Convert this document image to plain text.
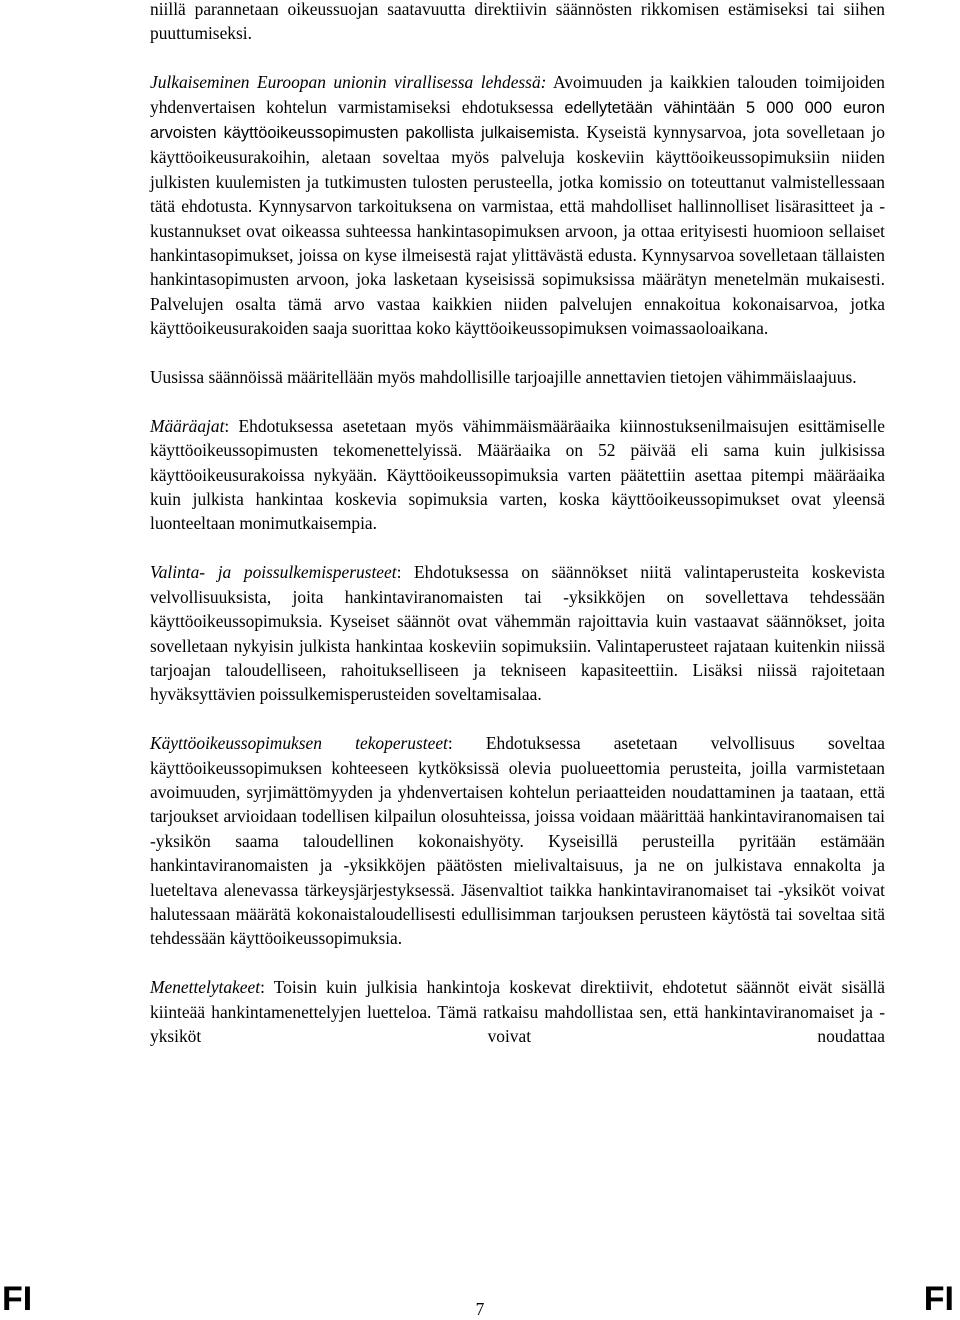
niillä parannetaan oikeussuojan saatavuutta direktiivin säännösten rikkomisen estämiseksi tai siihen puuttumiseksi.

Julkaiseminen Euroopan unionin virallisessa lehdessä: Avoimuuden ja kaikkien talouden toimijoiden yhdenvertaisen kohtelun varmistamiseksi ehdotuksessa edellytetään vähintään 5 000 000 euron arvoisten käyttöoikeussopimusten pakollista julkaisemista. Kyseistä kynnysarvoa, jota sovelletaan jo käyttöoikeusurakoihin, aletaan soveltaa myös palveluja koskeviin käyttöoikeussopimuksiin niiden julkisten kuulemisten ja tutkimusten tulosten perusteella, jotka komissio on toteuttanut valmistellessaan tätä ehdotusta. Kynnysarvon tarkoituksena on varmistaa, että mahdolliset hallinnolliset lisärasitteet ja -kustannukset ovat oikeassa suhteessa hankintasopimuksen arvoon, ja ottaa erityisesti huomioon sellaiset hankintasopimukset, joissa on kyse ilmeisestä rajat ylittävästä edusta. Kynnysarvoa sovelletaan tällaisten hankintasopimusten arvoon, joka lasketaan kyseisissä sopimuksissa määrätyn menetelmän mukaisesti. Palvelujen osalta tämä arvo vastaa kaikkien niiden palvelujen ennakoitua kokonaisarvoa, jotka käyttöoikeusurakoiden saaja suorittaa koko käyttöoikeussopimuksen voimassaoloaikana.

Uusissa säännöissä määritellään myös mahdollisille tarjoajille annettavien tietojen vähimmäislaajuus.

Määräajat: Ehdotuksessa asetetaan myös vähimmäismääräaika kiinnostuksenilmaisujen esittämiselle käyttöoikeussopimusten tekomenettelyissä. Määräaika on 52 päivää eli sama kuin julkisissa käyttöoikeusurakoissa nykyään. Käyttöoikeussopimuksia varten päätettiin asettaa pitempi määräaika kuin julkista hankintaa koskevia sopimuksia varten, koska käyttöoikeussopimukset ovat yleensä luonteeltaan monimutkaisempia.

Valinta- ja poissulkemisperusteet: Ehdotuksessa on säännökset niitä valintaperusteita koskevista velvollisuuksista, joita hankintaviranomaisten tai -yksikköjen on sovellettava tehdessään käyttöoikeussopimuksia. Kyseiset säännöt ovat vähemmän rajoittavia kuin vastaavat säännökset, joita sovelletaan nykyisin julkista hankintaa koskeviin sopimuksiin. Valintaperusteet rajataan kuitenkin niissä tarjoajan taloudelliseen, rahoitukselliseen ja tekniseen kapasiteettiin. Lisäksi niissä rajoitetaan hyväksyttävien poissulkemisperusteiden soveltamisalaa.

Käyttöoikeussopimuksen tekoperusteet: Ehdotuksessa asetetaan velvollisuus soveltaa käyttöoikeussopimuksen kohteeseen kytköksissä olevia puolueettomia perusteita, joilla varmistetaan avoimuuden, syrjimättömyyden ja yhdenvertaisen kohtelun periaatteiden noudattaminen ja taataan, että tarjoukset arvioidaan todellisen kilpailun olosuhteissa, joissa voidaan määrittää hankintaviranomaisen tai -yksikön saama taloudellinen kokonaishyöty. Kyseisillä perusteilla pyritään estämään hankintaviranomaisten ja -yksikköjen päätösten mielivaltaisuus, ja ne on julkistava ennakolta ja lueteltava alenevassa tärkeysjärjestyksessä. Jäsenvaltiot taikka hankintaviranomaiset tai -yksiköt voivat halutessaan määrätä kokonaistaloudellisesti edullisimman tarjouksen perusteen käytöstä tai soveltaa sitä tehdessään käyttöoikeussopimuksia.

Menettelytakeet: Toisin kuin julkisia hankintoja koskevat direktiivit, ehdotetut säännöt eivät sisällä kiinteää hankintamenettelyjen luetteloa. Tämä ratkaisu mahdollistaa sen, että hankintaviranomaiset ja -yksiköt voivat noudattaa

FI	7	FI
